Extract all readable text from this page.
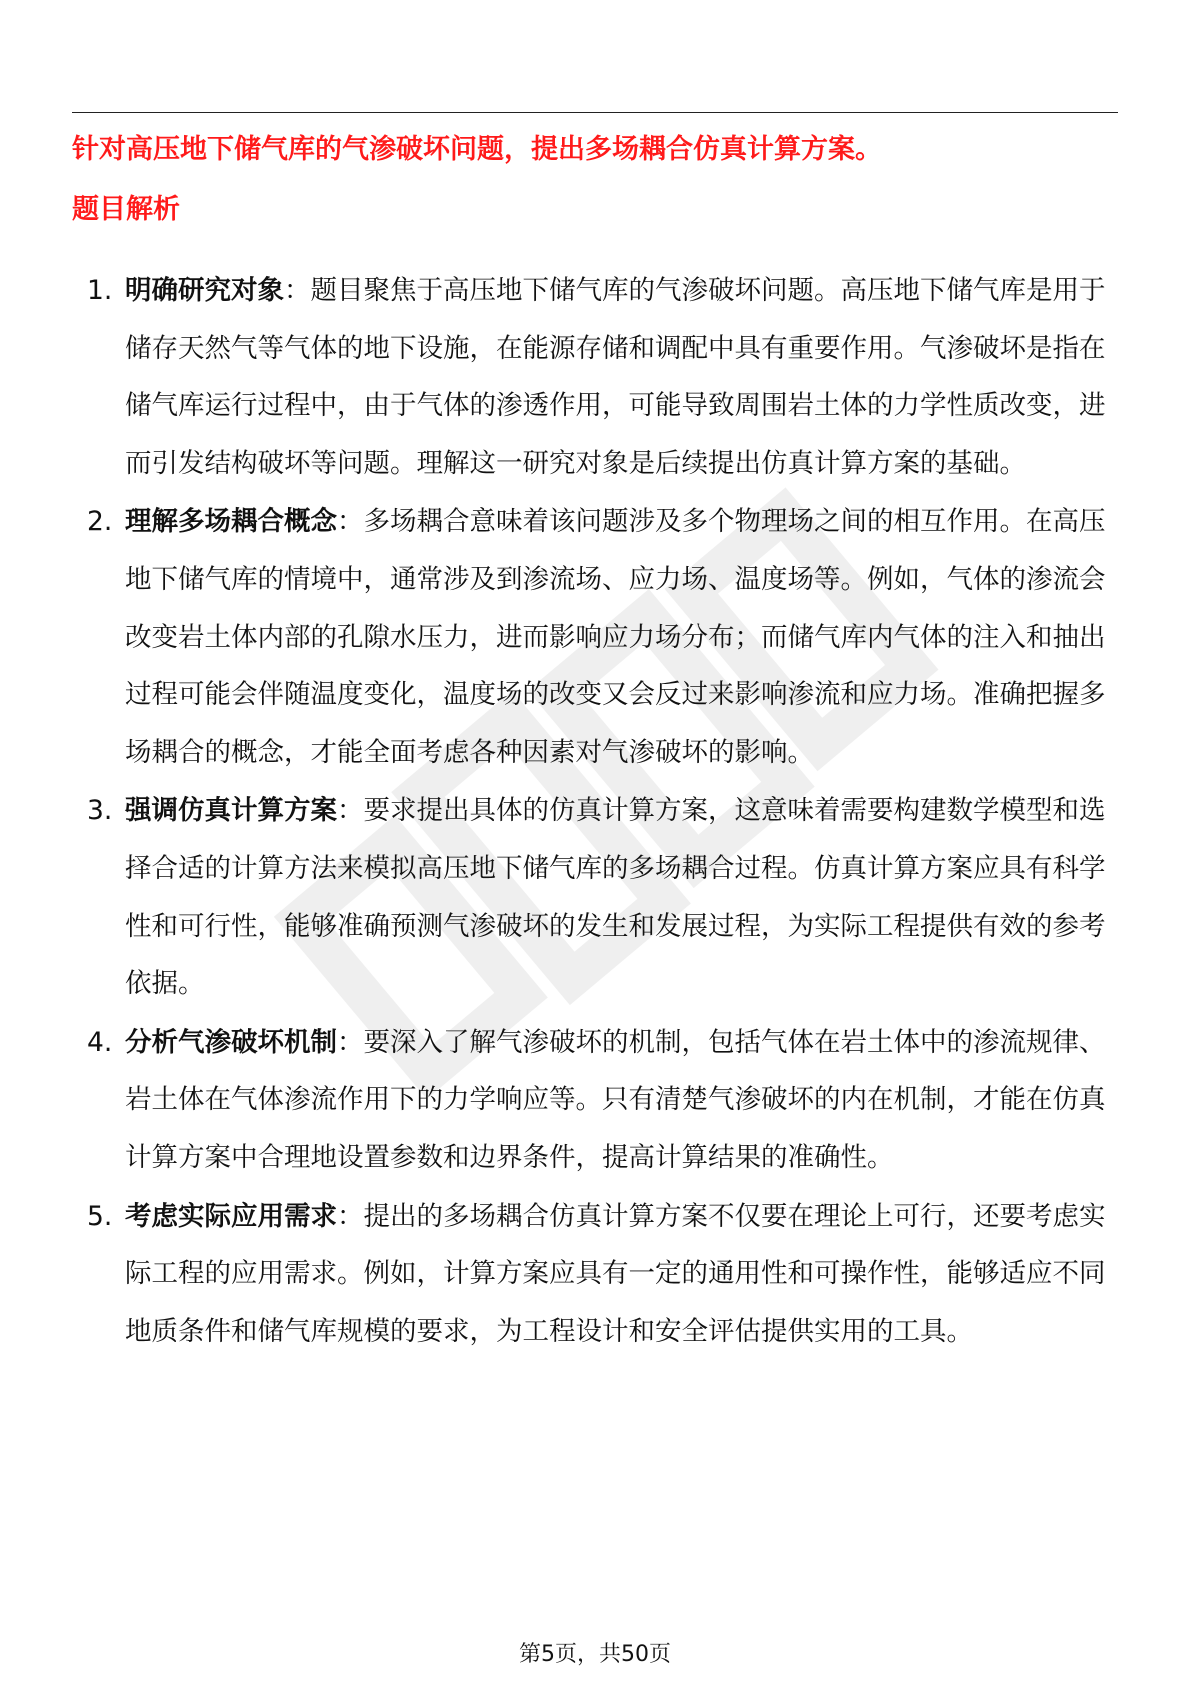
针对高压地下储气库的气渗破坏问题，提出多场耦合仿真计算方案。
题目解析
1. 明确研究对象：题目聚焦于高压地下储气库的气渗破坏问题。高压地下储气库是用于储存天然气等气体的地下设施，在能源存储和调配中具有重要作用。气渗破坏是指在储气库运行过程中，由于气体的渗透作用，可能导致周围岩土体的力学性质改变，进而引发结构破坏等问题。理解这一研究对象是后续提出仿真计算方案的基础。
2. 理解多场耦合概念：多场耦合意味着该问题涉及多个物理场之间的相互作用。在高压地下储气库的情境中，通常涉及到渗流场、应力场、温度场等。例如，气体的渗流会改变岩土体内部的孔隙水压力，进而影响应力场分布；而储气库内气体的注入和抽出过程可能会伴随温度变化，温度场的改变又会反过来影响渗流和应力场。准确把握多场耦合的概念，才能全面考虑各种因素对气渗破坏的影响。
3. 强调仿真计算方案：要求提出具体的仿真计算方案，这意味着需要构建数学模型和选择合适的计算方法来模拟高压地下储气库的多场耦合过程。仿真计算方案应具有科学性和可行性，能够准确预测气渗破坏的发生和发展过程，为实际工程提供有效的参考依据。
4. 分析气渗破坏机制：要深入了解气渗破坏的机制，包括气体在岩土体中的渗流规律、岩土体在气体渗流作用下的力学响应等。只有清楚气渗破坏的内在机制，才能在仿真计算方案中合理地设置参数和边界条件，提高计算结果的准确性。
5. 考虑实际应用需求：提出的多场耦合仿真计算方案不仅要在理论上可行，还要考虑实际工程的应用需求。例如，计算方案应具有一定的通用性和可操作性，能够适应不同地质条件和储气库规模的要求，为工程设计和安全评估提供实用的工具。
第5页，共50页
